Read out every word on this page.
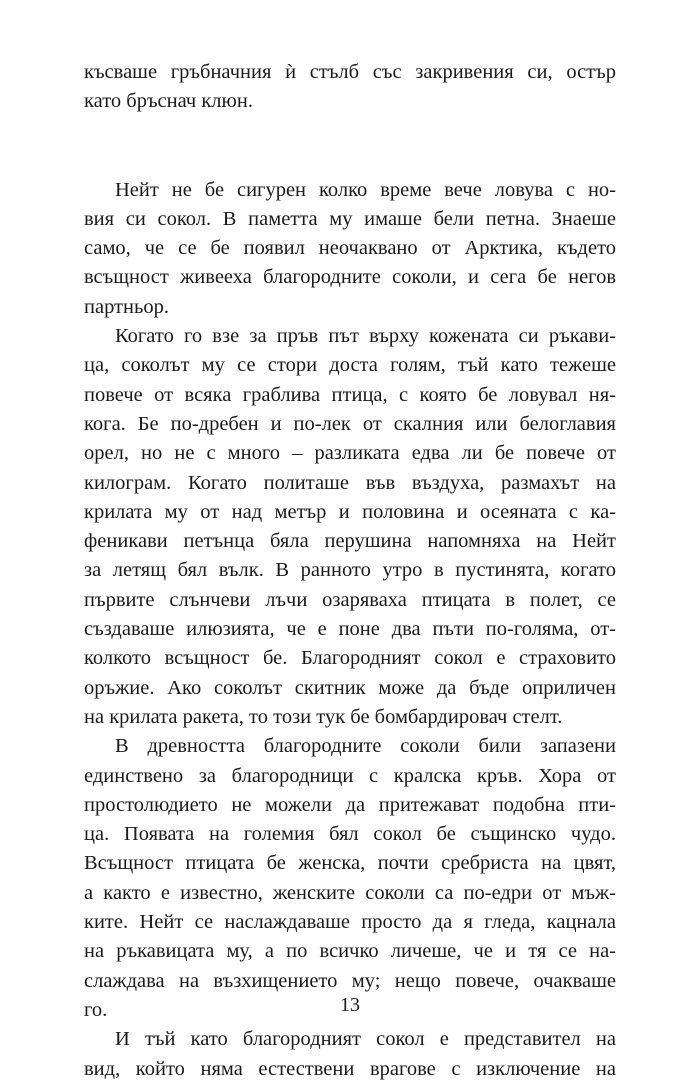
късваше гръбначния ѝ стълб със закривения си, остър
като бръснач клюн.
Нейт не бе сигурен колко време вече ловува с но-
вия си сокол. В паметта му имаше бели петна. Знаеше
само, че се бе появил неочаквано от Арктика, където
всъщност живееха благородните соколи, и сега бе негов
партньор.
Когато го взе за пръв път върху кожената си ръкави-
ца, соколът му се стори доста голям, тъй като тежеше
повече от всяка граблива птица, с която бе ловувал ня-
кога. Бе по-дребен и по-лек от скалния или белоглавия
орел, но не с много – разликата едва ли бе повече от
килограм. Когато политаше във въздуха, размахът на
крилата му от над метър и половина и осеяната с ка-
феникави петънца бяла перушина напомняха на Нейт
за летящ бял вълк. В ранното утро в пустинята, когато
първите слънчеви лъчи озаряваха птицата в полет, се
създаваше илюзията, че е поне два пъти по-голяма, от-
колкото всъщност бе. Благородният сокол е страховито
оръжие. Ако соколът скитник може да бъде оприличен
на крилата ракета, то този тук бе бомбардировач стелт.
В древността благородните соколи били запазени
единствено за благородници с кралска кръв. Хора от
простолюдието не можели да притежават подобна пти-
ца. Появата на големия бял сокол бе същинско чудо.
Всъщност птицата бе женска, почти сребриста на цвят,
а както е известно, женските соколи са по-едри от мъж-
ките. Нейт се наслаждаваше просто да я гледа, кацнала
на ръкавицата му, а по всичко личеше, че и тя се на-
слаждава на възхищението му; нещо повече, очакваше
го.
И тъй като благородният сокол е представител на
вид, който няма естествени врагове с изключение на
13
